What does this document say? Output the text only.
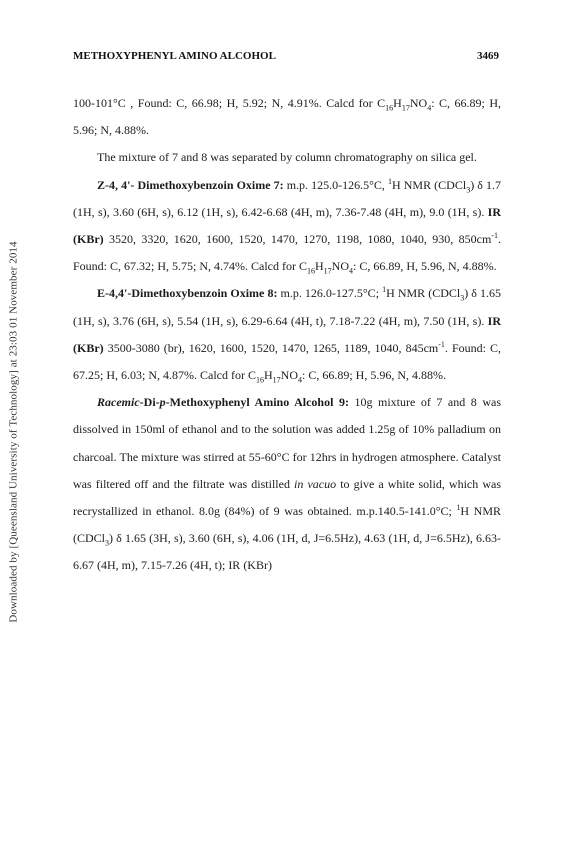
Downloaded by [Queensland University of Technology] at 23:03 01 November 2014
METHOXYPHENYL AMINO ALCOHOL	3469

100-101°C , Found: C, 66.98; H, 5.92; N, 4.91%. Calcd for $C_{16}H_{17}NO_4$: C, 66.89; H, 5.96; N, 4.88%.

The mixture of 7 and 8 was separated by column chromatography on silica gel.

Z-4, 4'- Dimethoxybenzoin Oxime 7: m.p. 125.0-126.5°C, $^1$H NMR (CDCl$_3$) δ 1.7 (1H, s), 3.60 (6H, s), 6.12 (1H, s), 6.42-6.68 (4H, m), 7.36-7.48 (4H, m), 9.0 (1H, s). IR (KBr) 3520, 3320, 1620, 1600, 1520, 1470, 1270, 1198, 1080, 1040, 930, $850cm^{-1}$. Found: C, 67.32; H, 5.75; N, 4.74%. Calcd for $C_{16}H_{17}NO_4$: C, 66.89, H, 5.96, N, 4.88%.

E-4,4'-Dimethoxybenzoin Oxime 8: m.p. 126.0-127.5°C; $^1$H NMR (CDCl$_3$) δ 1.65 (1H, s), 3.76 (6H, s), 5.54 (1H, s), 6.29-6.64 (4H, t), 7.18-7.22 (4H, m), 7.50 (1H, s). IR (KBr) 3500-3080 (br), 1620, 1600, 1520, 1470, 1265, 1189, 1040, $845cm^{-1}$. Found: C, 67.25; H, 6.03; N, 4.87%. Calcd for $C_{16}H_{17}NO_4$: C, 66.89; H, 5.96, N, 4.88%.

Racemic-Di-p-Methoxyphenyl Amino Alcohol 9: 10g mixture of 7 and 8 was dissolved in 150ml of ethanol and to the solution was added 1.25g of 10% palladium on charcoal. The mixture was stirred at 55-60°C for 12hrs in hydrogen atmosphere. Catalyst was filtered off and the filtrate was distilled in vacuo to give a white solid, which was recrystallized in ethanol. 8.0g (84%) of 9 was obtained. m.p.140.5-141.0°C; $^1$H NMR (CDCl$_3$) δ 1.65 (3H, s), 3.60 (6H, s), 4.06 (1H, d, J=6.5Hz), 4.63 (1H, d, J=6.5Hz), 6.63-6.67 (4H, m), 7.15-7.26 (4H, t); IR (KBr)
